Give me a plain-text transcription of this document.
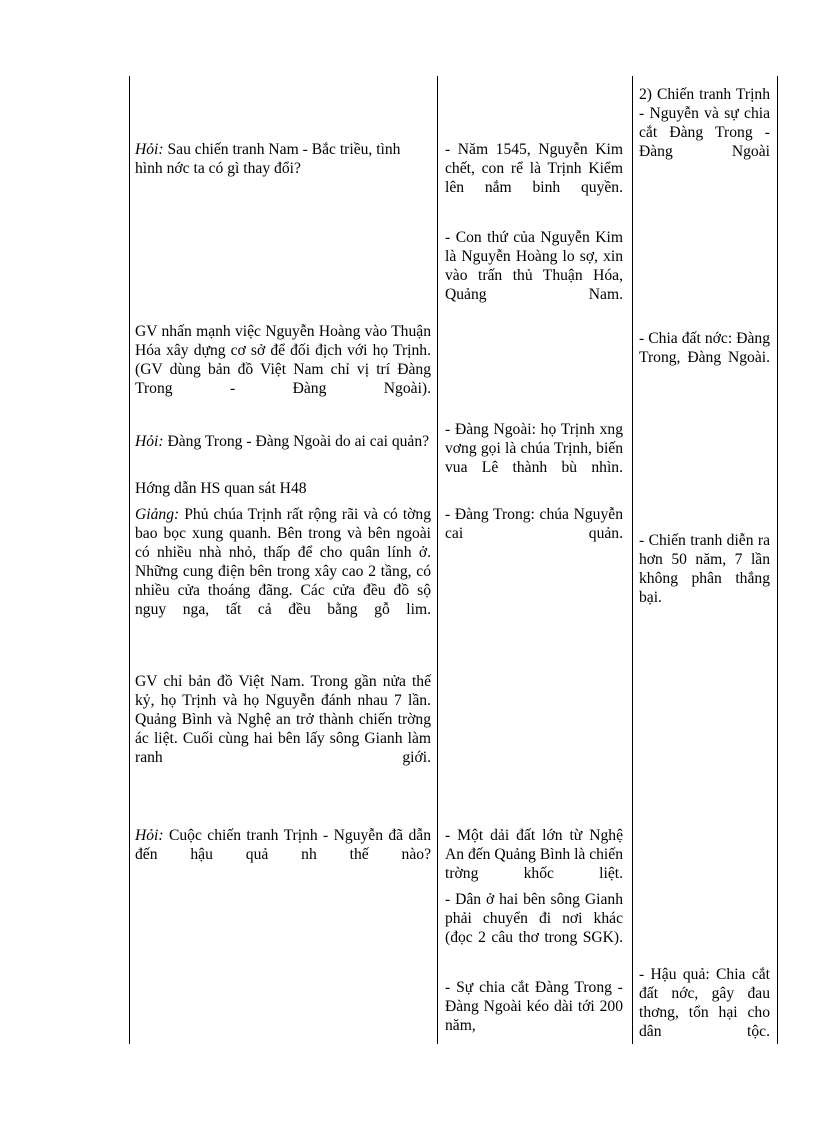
Hỏi: Sau chiến tranh Nam - Bắc triều, tình hình nớc ta có gì thay đổi?
GV nhấn mạnh việc Nguyễn Hoàng vào Thuận Hóa xây dựng cơ sở để đối địch với họ Trịnh. (GV dùng bản đồ Việt Nam chỉ vị trí Đàng Trong - Đàng Ngoài).
Hỏi: Đàng Trong - Đàng Ngoài do ai cai quản?
Hớng dẫn HS quan sát H48
Giảng: Phủ chúa Trịnh rất rộng rãi và có tờng bao bọc xung quanh. Bên trong và bên ngoài có nhiều nhà nhỏ, thấp để cho quân lính ở. Những cung điện bên trong xây cao 2 tầng, có nhiều cửa thoáng đãng. Các cửa đều đồ sộ nguy nga, tất cả đều bằng gỗ lim.
GV chỉ bản đồ Việt Nam. Trong gần nửa thế kỷ, họ Trịnh và họ Nguyễn đánh nhau 7 lần. Quảng Bình và Nghệ an trở thành chiến trờng ác liệt. Cuối cùng hai bên lấy sông Gianh làm ranh giới.
Hỏi: Cuộc chiến tranh Trịnh - Nguyễn đã dẫn đến hậu quả nh thế nào?
- Năm 1545, Nguyễn Kim chết, con rể là Trịnh Kiểm lên nắm binh quyền.
- Con thứ của Nguyễn Kim là Nguyễn Hoàng lo sợ, xin vào trấn thủ Thuận Hóa, Quảng Nam.
- Đàng Ngoài: họ Trịnh xng vơng gọi là chúa Trịnh, biến vua Lê thành bù nhìn.
- Đàng Trong: chúa Nguyễn cai quản.
- Một dải đất lớn từ Nghệ An đến Quảng Bình là chiến trờng khốc liệt.
- Dân ở hai bên sông Gianh phải chuyển đi nơi khác (đọc 2 câu thơ trong SGK).
- Sự chia cắt Đàng Trong - Đàng Ngoài kéo dài tới 200 năm,
2) Chiến tranh Trịnh - Nguyễn và sự chia cắt Đàng Trong - Đàng Ngoài
- Chia đất nớc: Đàng Trong, Đàng Ngoài.
- Chiến tranh diễn ra hơn 50 năm, 7 lần không phân thắng bại.
- Hậu quả: Chia cắt đất nớc, gây đau thơng, tổn hại cho dân tộc.
